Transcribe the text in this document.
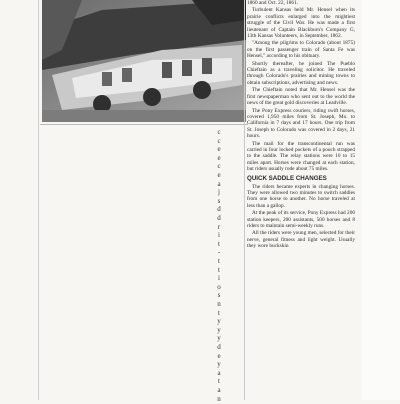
c
c
e
e
c
e
a
j
s
d
d
r
i
t
-
t
t
i
o
s
n
t
y
y
y
d
e
y
a
t
a
n

1860 and Oct. 22, 1861.

Turbulent Kansas held Mr. Hensel when its prairie conflicts enlarged into the mightiest struggle of the Civil War. He was made a first lieutenant of Captain Blackburn's Company G, 13th Kansas Volunteers, in September, 1862.

"Among the pilgrims to Colorado (about 1875) on the first passenger train of Santa Fe was Hensel," according to his obituary.

Shortly thereafter, he joined The Pueblo Chieftain as a traveling solicitor. He traveled through Colorado's prairies and mining towns to obtain subscriptions, advertising and news.

The Chieftain noted that Mr. Hensel was the first newspaperman who sent out to the world the news of the great gold discoveries at Leadville.

The Pony Express couriers, riding swift horses, covered 1,950 miles from St. Joseph, Mo. to California in 7 days and 17 hours. One trip from St. Joseph to Colorado was covered in 2 days, 21 hours.

The mail for the transcontinental run was carried in four locked pockets of a pouch strapped to the saddle. The relay stations were 10 to 15 miles apart. Horses were changed at each station, but riders usually rode about 75 miles.

QUICK SADDLE CHANGES

The riders became experts in changing horses. They were allowed two minutes to switch saddles from one horse to another. No horse traveled at less than a gallop.

At the peak of its service, Pony Express had 200 station keepers, 200 assistants, 500 horses and 8 riders to maintain semi-weekly runs.

All the riders were young men, selected for their nerve, general fitness and light weight. Usually they wore buckskin
